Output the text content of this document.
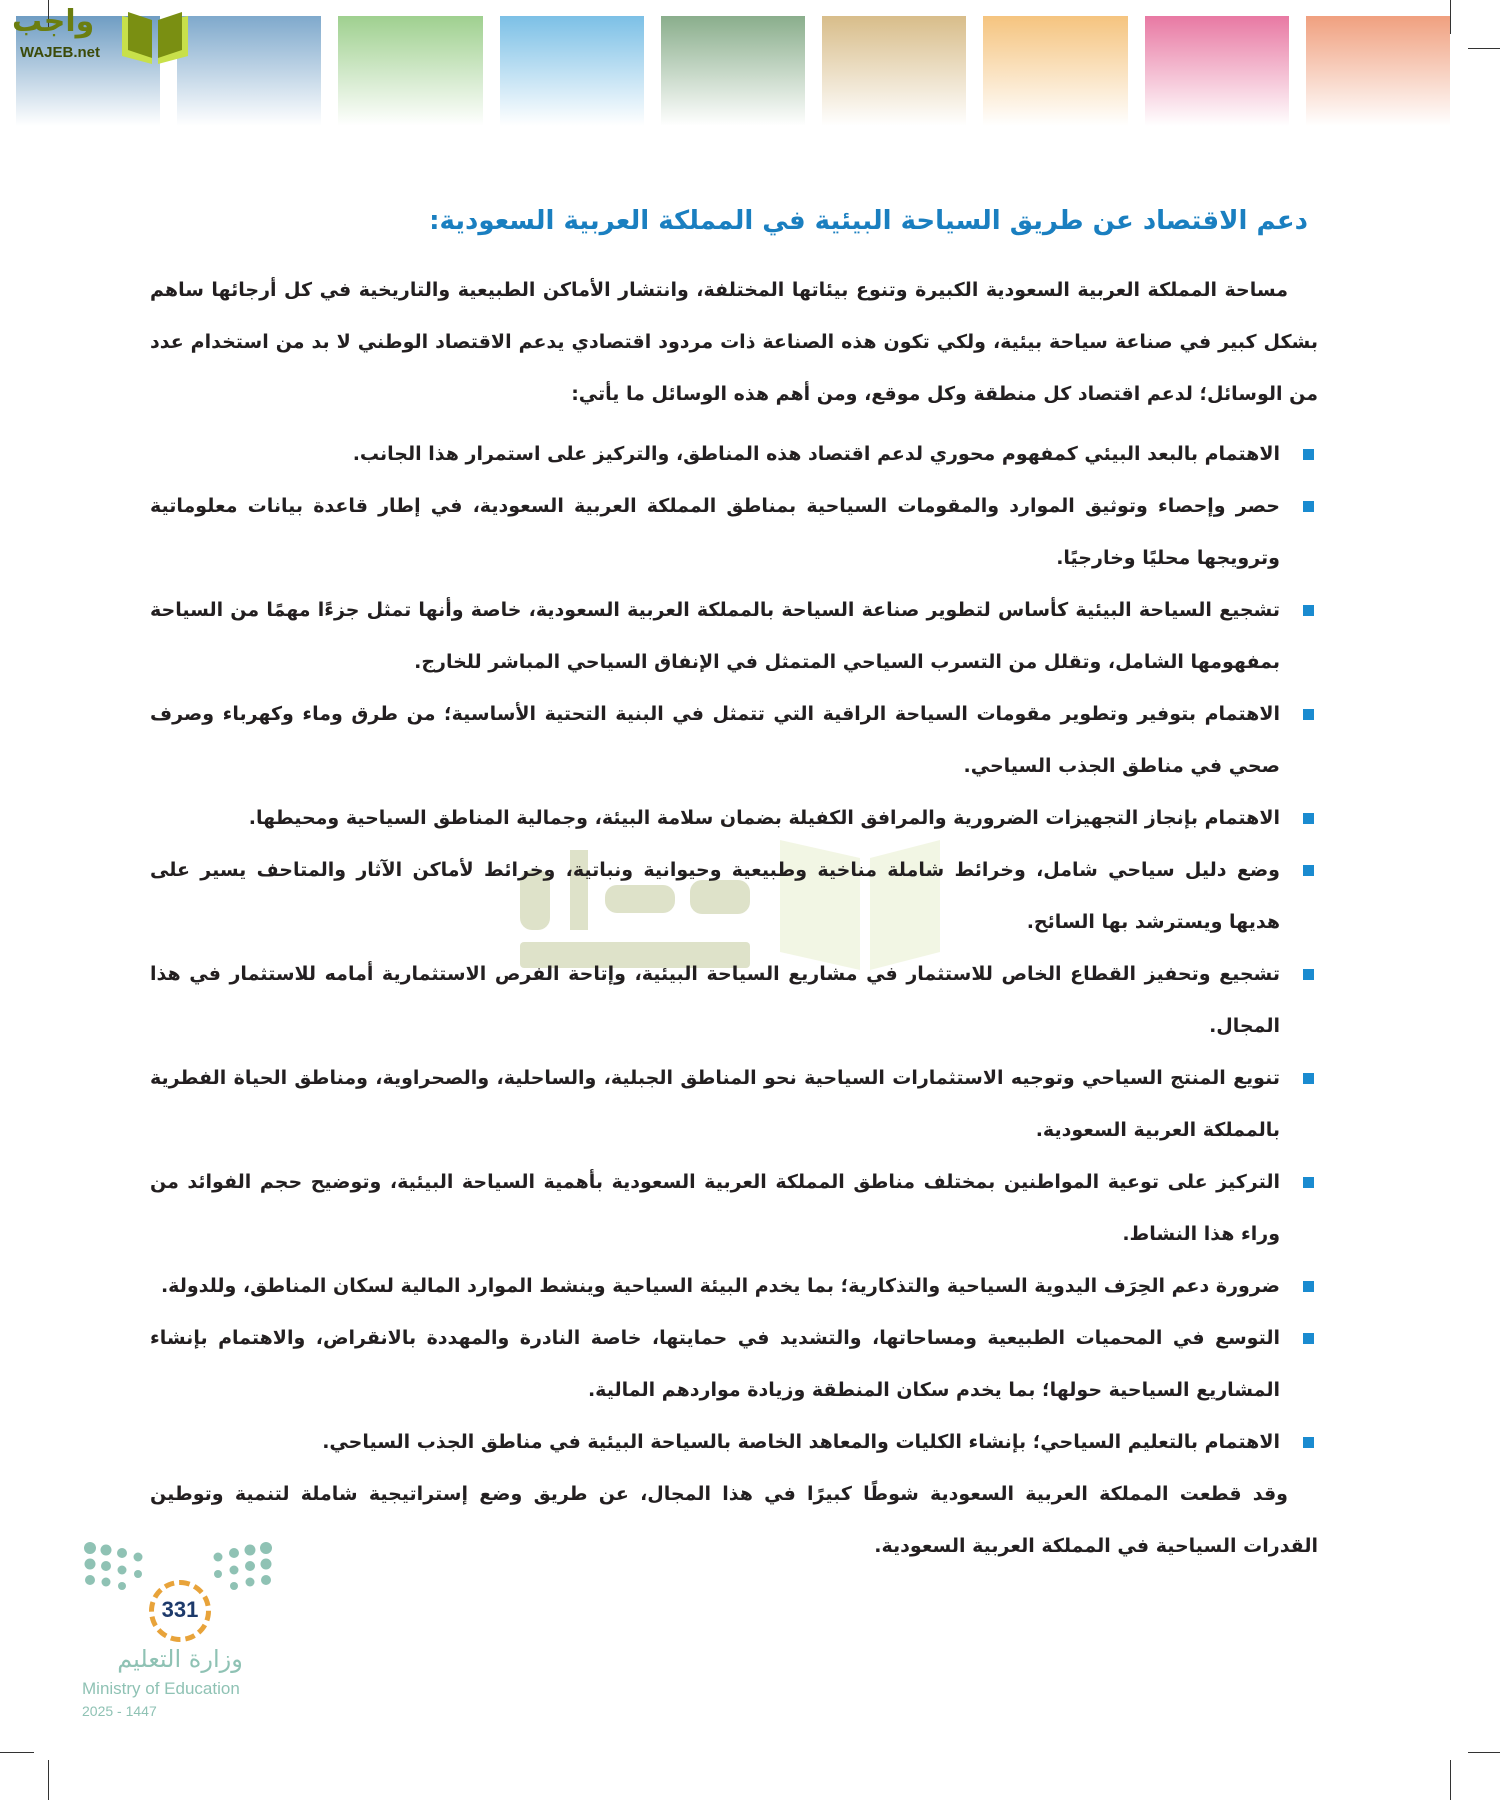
واجب
WAJEB.net
دعم الاقتصاد عن طريق السياحة البيئية في المملكة العربية السعودية:

مساحة المملكة العربية السعودية الكبيرة وتنوع بيئاتها المختلفة، وانتشار الأماكن الطبيعية والتاريخية في كل أرجائها ساهم بشكل كبير في صناعة سياحة بيئية، ولكي تكون هذه الصناعة ذات مردود اقتصادي يدعم الاقتصاد الوطني لا بد من استخدام عدد من الوسائل؛ لدعم اقتصاد كل منطقة وكل موقع، ومن أهم هذه الوسائل ما يأتي:

الاهتمام بالبعد البيئي كمفهوم محوري لدعم اقتصاد هذه المناطق، والتركيز على استمرار هذا الجانب.
حصر وإحصاء وتوثيق الموارد والمقومات السياحية بمناطق المملكة العربية السعودية، في إطار قاعدة بيانات معلوماتية وترويجها محليًا وخارجيًا.
تشجيع السياحة البيئية كأساس لتطوير صناعة السياحة بالمملكة العربية السعودية، خاصة وأنها تمثل جزءًا مهمًا من السياحة بمفهومها الشامل، وتقلل من التسرب السياحي المتمثل في الإنفاق السياحي المباشر للخارج.
الاهتمام بتوفير وتطوير مقومات السياحة الراقية التي تتمثل في البنية التحتية الأساسية؛ من طرق وماء وكهرباء وصرف صحي في مناطق الجذب السياحي.
الاهتمام بإنجاز التجهيزات الضرورية والمرافق الكفيلة بضمان سلامة البيئة، وجمالية المناطق السياحية ومحيطها.
وضع دليل سياحي شامل، وخرائط شاملة مناخية وطبيعية وحيوانية ونباتية، وخرائط لأماكن الآثار والمتاحف يسير على هديها ويسترشد بها السائح.
تشجيع وتحفيز القطاع الخاص للاستثمار في مشاريع السياحة البيئية، وإتاحة الفرص الاستثمارية أمامه للاستثمار في هذا المجال.
تنويع المنتج السياحي وتوجيه الاستثمارات السياحية نحو المناطق الجبلية، والساحلية، والصحراوية، ومناطق الحياة الفطرية بالمملكة العربية السعودية.
التركيز على توعية المواطنين بمختلف مناطق المملكة العربية السعودية بأهمية السياحة البيئية، وتوضيح حجم الفوائد من وراء هذا النشاط.
ضرورة دعم الحِرَف اليدوية السياحية والتذكارية؛ بما يخدم البيئة السياحية وينشط الموارد المالية لسكان المناطق، وللدولة.
التوسع في المحميات الطبيعية ومساحاتها، والتشديد في حمايتها، خاصة النادرة والمهددة بالانقراض، والاهتمام بإنشاء المشاريع السياحية حولها؛ بما يخدم سكان المنطقة وزيادة مواردهم المالية.
الاهتمام بالتعليم السياحي؛ بإنشاء الكليات والمعاهد الخاصة بالسياحة البيئية في مناطق الجذب السياحي.

وقد قطعت المملكة العربية السعودية شوطًا كبيرًا في هذا المجال، عن طريق وضع إستراتيجية شاملة لتنمية وتوطين القدرات السياحية في المملكة العربية السعودية.

331
وزارة التعليم
Ministry of Education
2025 - 1447
